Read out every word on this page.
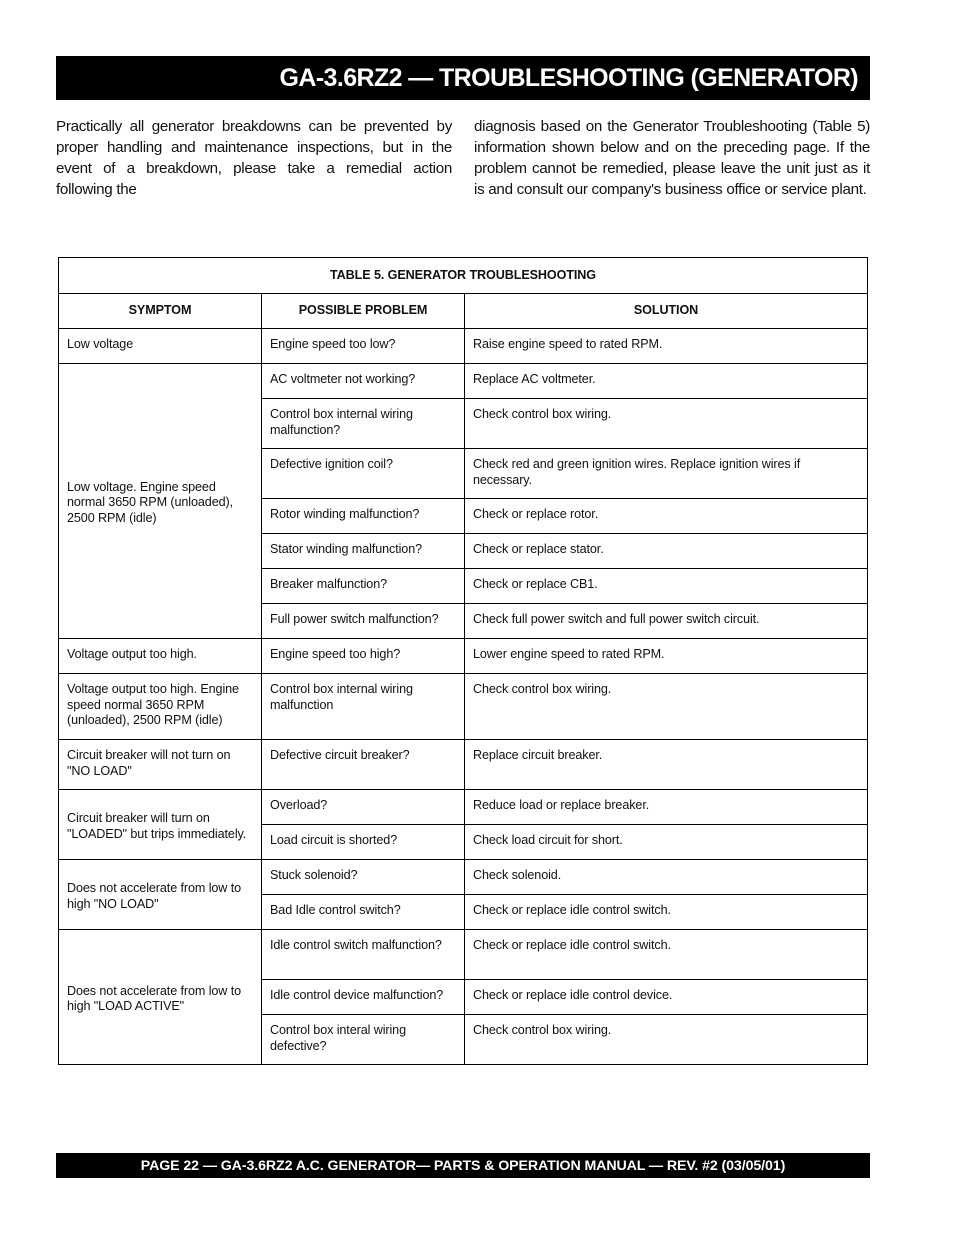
GA-3.6RZ2 — TROUBLESHOOTING (GENERATOR)

Practically all generator breakdowns can be prevented by proper handling and maintenance inspections, but in the event of a breakdown, please take a remedial action following the

diagnosis based on the Generator Troubleshooting (Table 5) information shown below and on the preceding page. If the problem cannot be remedied, please leave the unit just as it is and consult our company's business office or service plant.

TABLE 5. GENERATOR TROUBLESHOOTING		
SYMPTOM	POSSIBLE PROBLEM	SOLUTION
Low voltage	Engine speed too low?	Raise engine speed to rated RPM.
Low voltage. Engine speed normal 3650 RPM (unloaded), 2500 RPM (idle)	AC voltmeter not working?	Replace AC voltmeter.
	Control box internal wiring malfunction?	Check control box wiring.
	Defective ignition coil?	Check red and green ignition wires. Replace ignition wires if necessary.
	Rotor winding malfunction?	Check or replace rotor.
	Stator winding malfunction?	Check or replace stator.
	Breaker malfunction?	Check or replace CB1.
	Full power switch malfunction?	Check full power switch and full power switch circuit.
Voltage output too high.	Engine speed too high?	Lower engine speed to rated RPM.
Voltage output too high. Engine speed normal 3650 RPM (unloaded), 2500 RPM (idle)	Control box internal wiring malfunction	Check control box wiring.
Circuit breaker will not turn on "NO LOAD"	Defective circuit breaker?	Replace circuit breaker.
Circuit breaker will turn on "LOADED" but trips immediately.	Overload?	Reduce load or replace breaker.
	Load circuit is shorted?	Check load circuit for short.
Does not accelerate from low to high "NO LOAD"	Stuck solenoid?	Check solenoid.
	Bad Idle control switch?	Check or replace idle control switch.
Does not accelerate from low to high "LOAD ACTIVE"	Idle control switch malfunction?	Check or replace idle control switch.
	Idle control device malfunction?	Check or replace idle control device.
	Control box interal wiring defective?	Check control box wiring.
PAGE 22 — GA-3.6RZ2 A.C. GENERATOR— PARTS & OPERATION MANUAL — REV. #2 (03/05/01)
